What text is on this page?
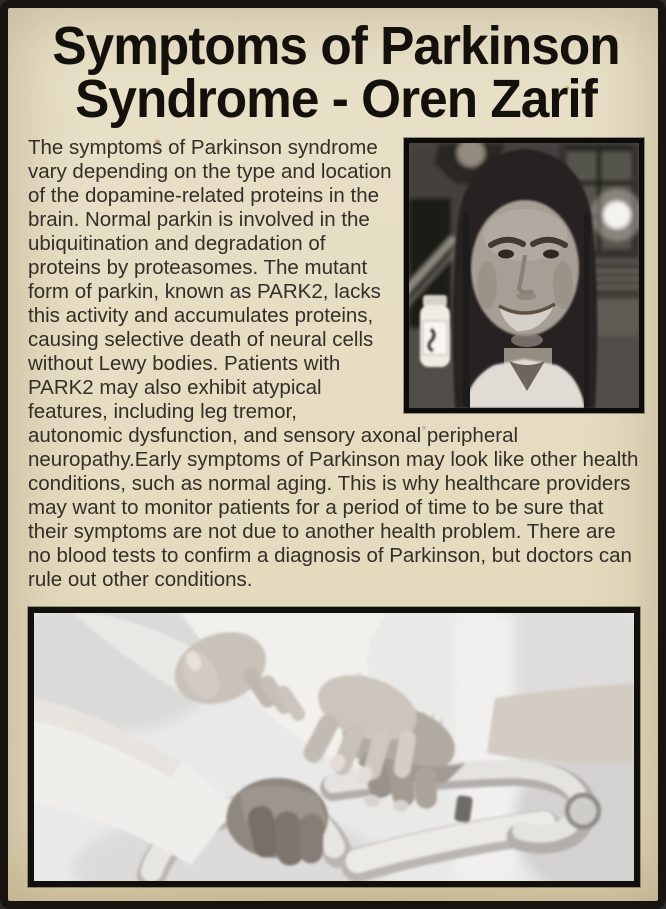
Symptoms of Parkinson
Syndrome - Oren Zarif

The symptoms of Parkinson syndrome vary depending on the type and location of the dopamine-related proteins in the brain. Normal parkin is involved in the ubiquitination and degradation of proteins by proteasomes. The mutant form of parkin, known as PARK2, lacks this activity and accumulates proteins, causing selective death of neural cells without Lewy bodies. Patients with PARK2 may also exhibit atypical features, including leg tremor, autonomic dysfunction, and sensory axonal peripheral neuropathy.Early symptoms of Parkinson may look like other health conditions, such as normal aging. This is why healthcare providers may want to monitor patients for a period of time to be sure that their symptoms are not due to another health problem. There are no blood tests to confirm a diagnosis of Parkinson, but doctors can rule out other conditions.
